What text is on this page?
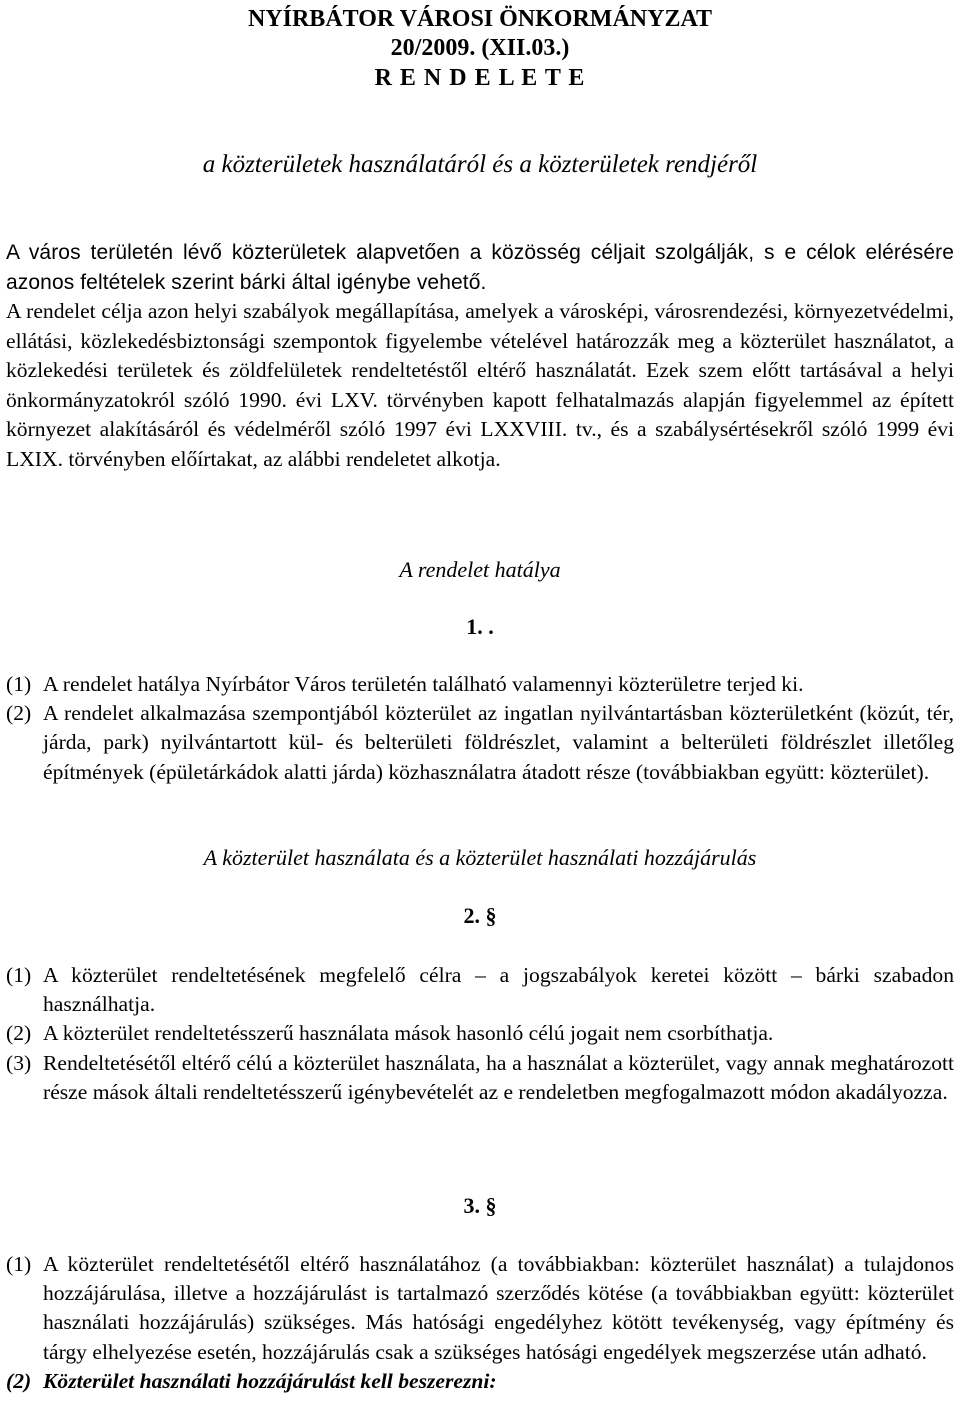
NYÍRBÁTOR VÁROSI ÖNKORMÁNYZAT
20/2009. (XII.03.)
R E N D E L E T E
a közterületek használatáról és a közterületek rendjéről

A város területén lévő közterületek alapvetően a közösség céljait szolgálják, s e célok elérésére azonos feltételek szerint bárki által igénybe vehető.

A rendelet célja azon helyi szabályok megállapítása, amelyek a városképi, városrendezési, környezetvédelmi, ellátási, közlekedésbiztonsági szempontok figyelembe vételével határozzák meg a közterület használatot, a közlekedési területek és zöldfelületek rendeltetéstől eltérő használatát. Ezek szem előtt tartásával a helyi önkormányzatokról szóló 1990. évi LXV. törvényben kapott felhatalmazás alapján figyelemmel az épített környezet alakításáról és védelméről szóló 1997 évi LXXVIII. tv., és a szabálysértésekről szóló 1999 évi LXIX. törvényben előírtakat, az alábbi rendeletet alkotja.

A rendelet hatálya
1. .

(1) A rendelet hatálya Nyírbátor Város területén található valamennyi közterületre terjed ki.

(2) A rendelet alkalmazása szempontjából közterület az ingatlan nyilvántartásban közterületként (közút, tér, járda, park) nyilvántartott kül- és belterületi földrészlet, valamint a belterületi földrészlet illetőleg építmények (épületárkádok alatti járda) közhasználatra átadott része (továbbiakban együtt: közterület).

A közterület használata és a közterület használati hozzájárulás
2. §

(1) A közterület rendeltetésének megfelelő célra – a jogszabályok keretei között – bárki szabadon használhatja.

(2) A közterület rendeltetésszerű használata mások hasonló célú jogait nem csorbíthatja.

(3) Rendeltetésétől eltérő célú a közterület használata, ha a használat a közterület, vagy annak meghatározott része mások általi rendeltetésszerű igénybevételét az e rendeletben megfogalmazott módon akadályozza.

3. §

(1) A közterület rendeltetésétől eltérő használatához (a továbbiakban: közterület használat) a tulajdonos hozzájárulása, illetve a hozzájárulást is tartalmazó szerződés kötése (a továbbiakban együtt: közterület használati hozzájárulás) szükséges. Más hatósági engedélyhez kötött tevékenység, vagy építmény és tárgy elhelyezése esetén, hozzájárulás csak a szükséges hatósági engedélyek megszerzése után adható.

(2) Közterület használati hozzájárulást kell beszerezni:
